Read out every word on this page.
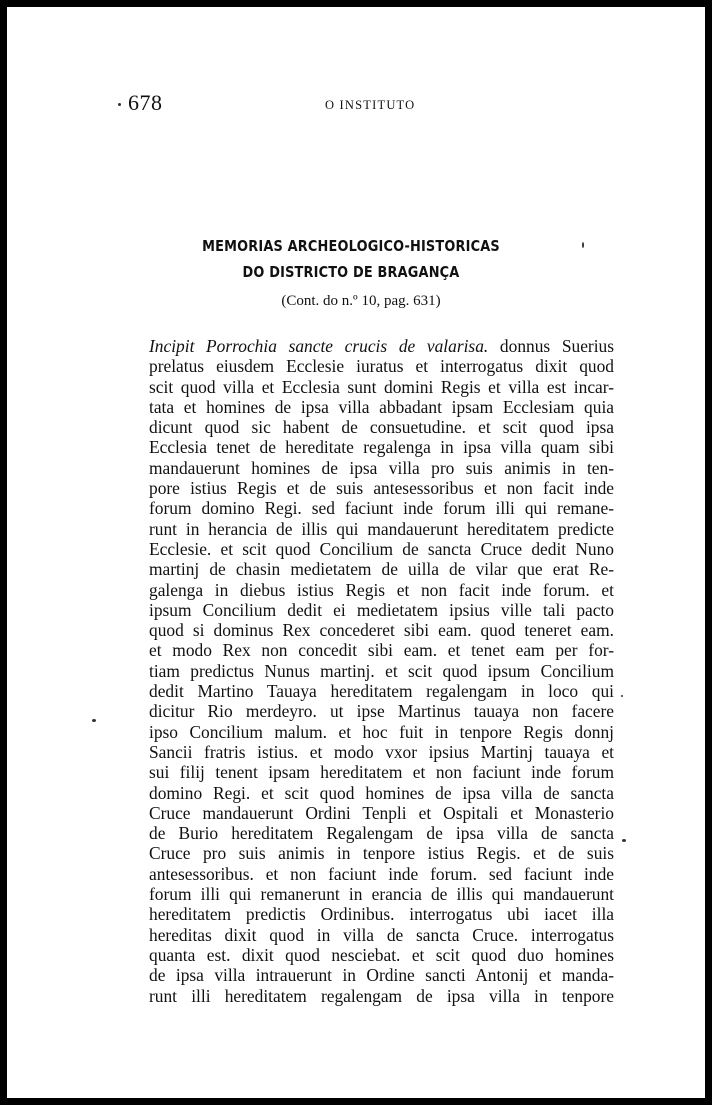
678	O INSTITUTO
MEMORIAS ARCHEOLOGICO-HISTORICAS
DO DISTRICTO DE BRAGANÇA
(Cont. do n.º 10, pag. 631)
Incipit Porrochia sancte crucis de valarisa. donnus Suerius
prelatus eiusdem Ecclesie iuratus et interrogatus dixit quod
scit quod villa et Ecclesia sunt domini Regis et villa est incar-
tata et homines de ipsa villa abbadant ipsam Ecclesiam quia
dicunt quod sic habent de consuetudine. et scit quod ipsa
Ecclesia tenet de hereditate regalenga in ipsa villa quam sibi
mandauerunt homines de ipsa villa pro suis animis in ten-
pore istius Regis et de suis antesessoribus et non facit inde
forum domino Regi. sed faciunt inde forum illi qui remane-
runt in herancia de illis qui mandauerunt hereditatem predicte
Ecclesie. et scit quod Concilium de sancta Cruce dedit Nuno
martinj de chasin medietatem de uilla de vilar que erat Re-
galenga in diebus istius Regis et non facit inde forum. et
ipsum Concilium dedit ei medietatem ipsius ville tali pacto
quod si dominus Rex concederet sibi eam. quod teneret eam.
et modo Rex non concedit sibi eam. et tenet eam per for-
tiam predictus Nunus martinj. et scit quod ipsum Concilium
dedit Martino Tauaya hereditatem regalengam in loco qui
dicitur Rio merdeyro. ut ipse Martinus tauaya non facere
ipso Concilium malum. et hoc fuit in tenpore Regis donnj
Sancii fratris istius. et modo vxor ipsius Martinj tauaya et
sui filij tenent ipsam hereditatem et non faciunt inde forum
domino Regi. et scit quod homines de ipsa villa de sancta
Cruce mandauerunt Ordini Tenpli et Ospitali et Monasterio
de Burio hereditatem Regalengam de ipsa villa de sancta
Cruce pro suis animis in tenpore istius Regis. et de suis
antesessoribus. et non faciunt inde forum. sed faciunt inde
forum illi qui remanerunt in erancia de illis qui mandauerunt
hereditatem predictis Ordinibus. interrogatus ubi iacet illa
hereditas dixit quod in villa de sancta Cruce. interrogatus
quanta est. dixit quod nesciebat. et scit quod duo homines
de ipsa villa intrauerunt in Ordine sancti Antonij et manda-
runt illi hereditatem regalengam de ipsa villa in tenpore
